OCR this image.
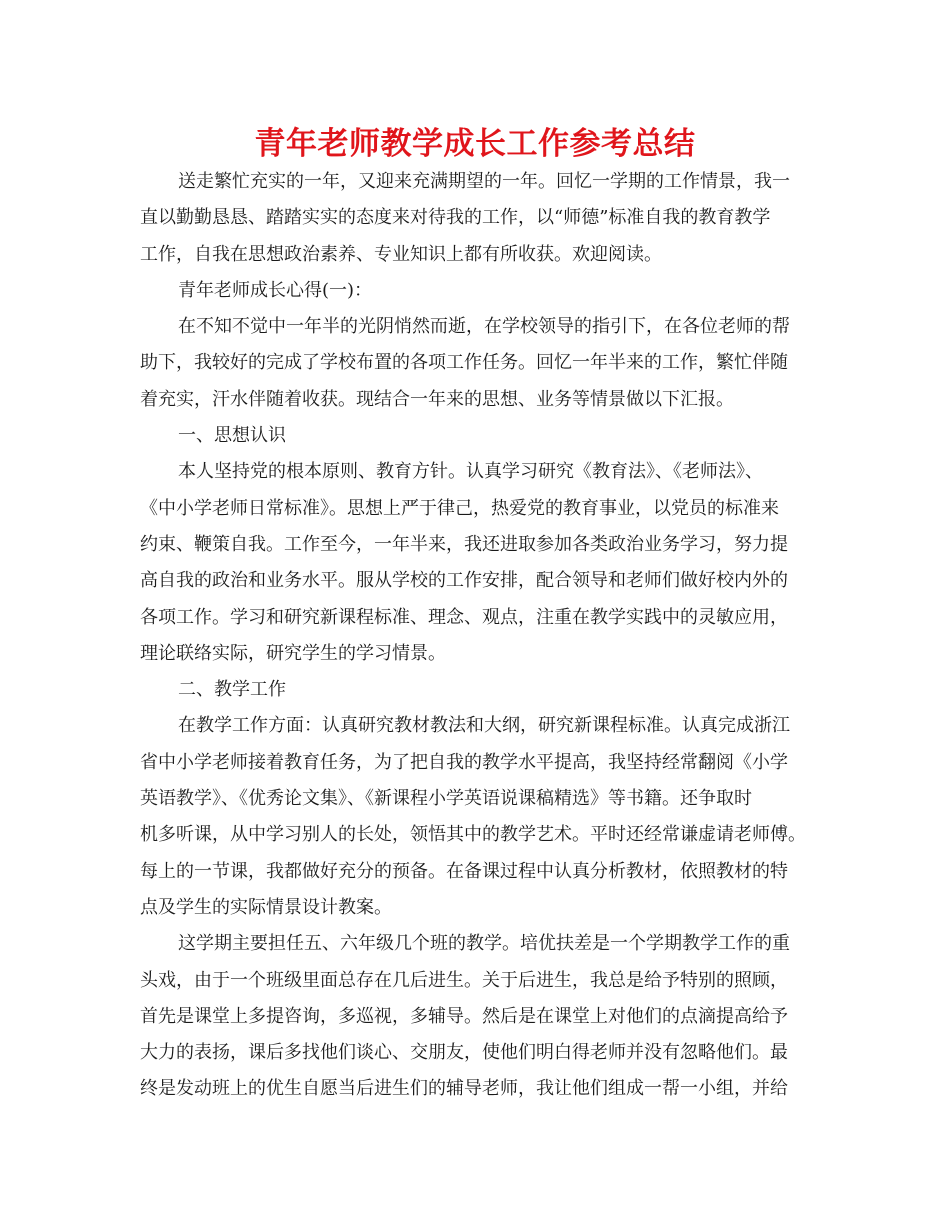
青年老师教学成长工作参考总结
送走繁忙充实的一年，又迎来充满期望的一年。回忆一学期的工作情景，我一
直以勤勤恳恳、踏踏实实的态度来对待我的工作，以“师德”标准自我的教育教学
工作，自我在思想政治素养、专业知识上都有所收获。欢迎阅读。
青年老师成长心得(一)：
在不知不觉中一年半的光阴悄然而逝，在学校领导的指引下，在各位老师的帮
助下，我较好的完成了学校布置的各项工作任务。回忆一年半来的工作，繁忙伴随
着充实，汗水伴随着收获。现结合一年来的思想、业务等情景做以下汇报。
一、思想认识
本人坚持党的根本原则、教育方针。认真学习研究《教育法》、《老师法》、
《中小学老师日常标准》。思想上严于律己，热爱党的教育事业，以党员的标准来
约束、鞭策自我。工作至今，一年半来，我还进取参加各类政治业务学习，努力提
高自我的政治和业务水平。服从学校的工作安排，配合领导和老师们做好校内外的
各项工作。学习和研究新课程标准、理念、观点，注重在教学实践中的灵敏应用，
理论联络实际，研究学生的学习情景。
二、教学工作
在教学工作方面：认真研究教材教法和大纲，研究新课程标准。认真完成浙江
省中小学老师接着教育任务，为了把自我的教学水平提高，我坚持经常翻阅《小学
英语教学》、《优秀论文集》、《新课程小学英语说课稿精选》等书籍。还争取时
机多听课，从中学习别人的长处，领悟其中的教学艺术。平时还经常谦虚请老师傅。
每上的一节课，我都做好充分的预备。在备课过程中认真分析教材，依照教材的特
点及学生的实际情景设计教案。
这学期主要担任五、六年级几个班的教学。培优扶差是一个学期教学工作的重
头戏，由于一个班级里面总存在几后进生。关于后进生，我总是给予特别的照顾，
首先是课堂上多提咨询，多巡视，多辅导。然后是在课堂上对他们的点滴提高给予
大力的表扬，课后多找他们谈心、交朋友，使他们明白得老师并没有忽略他们。最
终是发动班上的优生自愿当后进生们的辅导老师，我让他们组成一帮一小组，并给
